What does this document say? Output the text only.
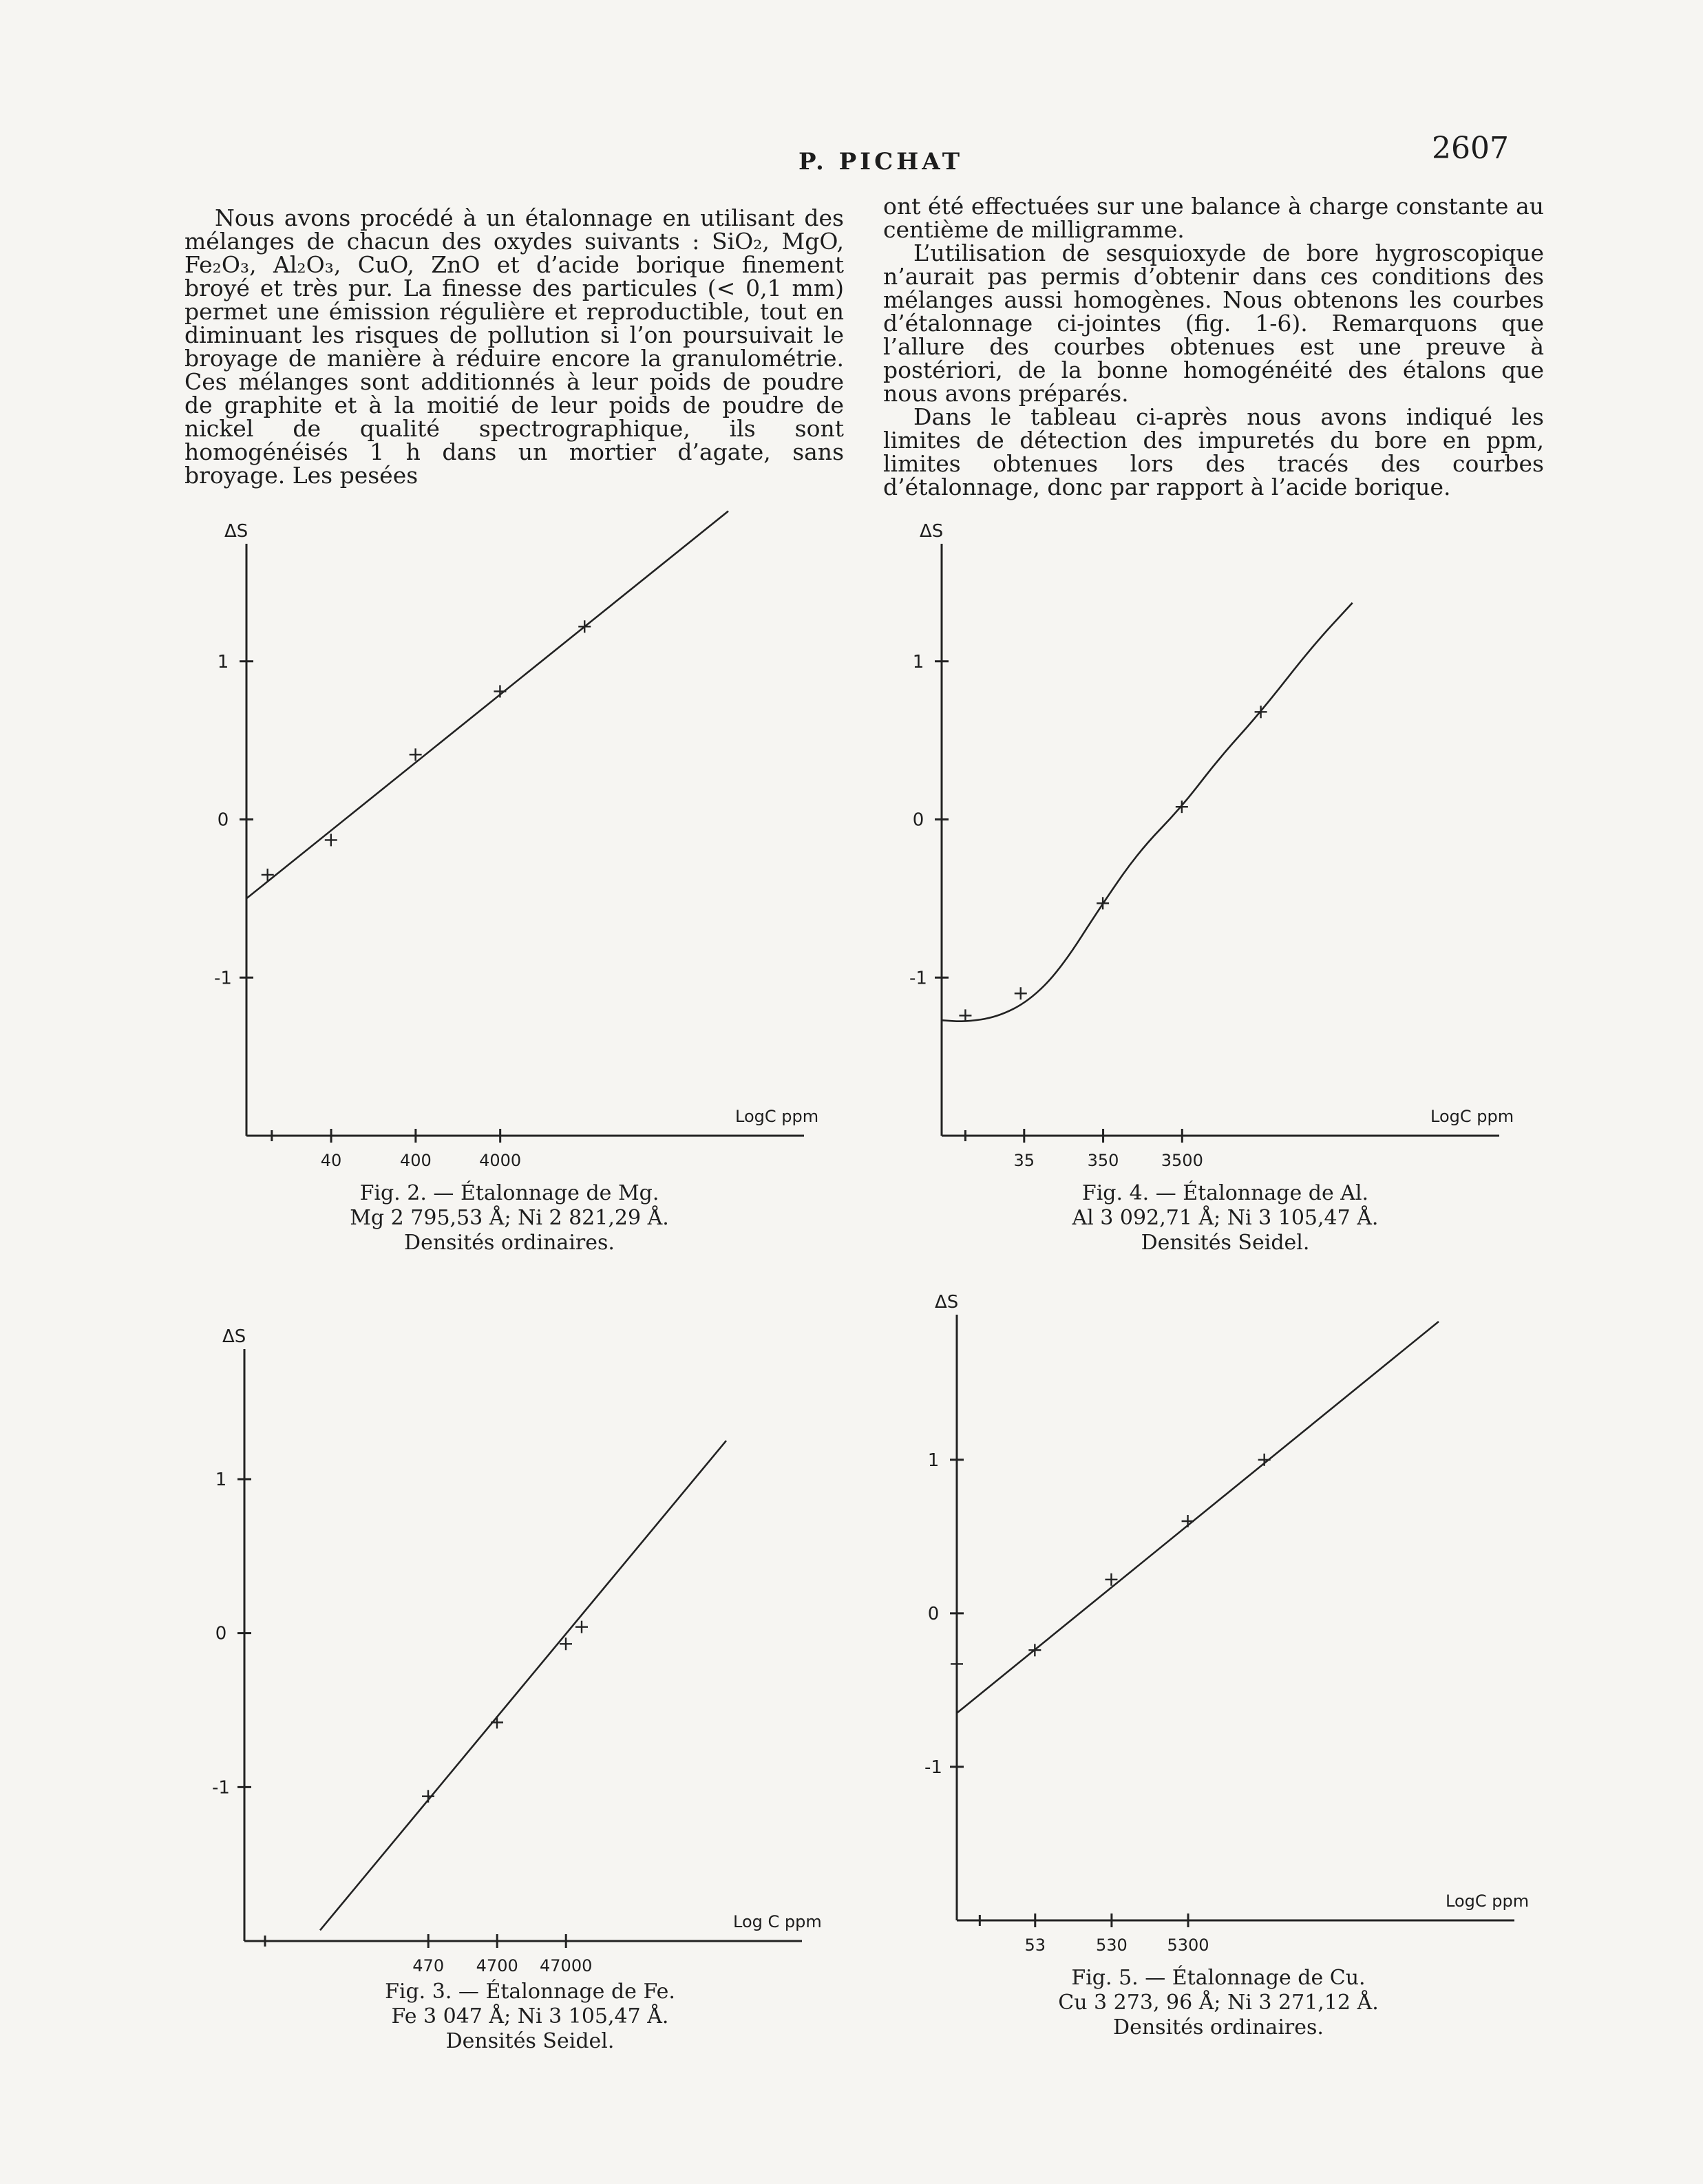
P. PICHAT	2607

Nous avons procédé à un étalonnage en utilisant des mélanges de chacun des oxydes suivants : SiO₂, MgO, Fe₂O₃, Al₂O₃, CuO, ZnO et d’acide borique finement broyé et très pur. La finesse des particules (< 0,1 mm) permet une émission régulière et reproductible, tout en diminuant les risques de pollution si l’on poursuivait le broyage de manière à réduire encore la granulométrie. Ces mélanges sont additionnés à leur poids de poudre de graphite et à la moitié de leur poids de poudre de nickel de qualité spectrographique, ils sont homogénéisés 1 h dans un mortier d’agate, sans broyage. Les pesées

ont été effectuées sur une balance à charge constante au centième de milligramme.

L’utilisation de sesquioxyde de bore hygroscopique n’aurait pas permis d’obtenir dans ces conditions des mélanges aussi homogènes. Nous obtenons les courbes d’étalonnage ci-jointes (fig. 1-6). Remarquons que l’allure des courbes obtenues est une preuve à postériori, de la bonne homogénéité des étalons que nous avons préparés.

Dans le tableau ci-après nous avons indiqué les limites de détection des impuretés du bore en ppm, limites obtenues lors des tracés des courbes d’étalonnage, donc par rapport à l’acide borique.

ΔS
LogC ppm
1
0
-1
40	400	4000
Fig. 2. — Étalonnage de Mg.
Mg 2 795,53 Å; Ni 2 821,29 Å.
Densités ordinaires.
ΔS
LogC ppm
1
0
-1
35	350	3500
Fig. 4. — Étalonnage de Al.
Al 3 092,71 Å; Ni 3 105,47 Å.
Densités Seidel.
ΔS
Log C ppm
1
0
-1
470 4700 47000
Fig. 3. — Étalonnage de Fe.
Fe 3 047 Å; Ni 3 105,47 Å.
Densités Seidel.
ΔS
LogC ppm
1
0
-1
53	530 5300
Fig. 5. — Étalonnage de Cu.
Cu 3 273, 96 Å; Ni 3 271,12 Å.
Densités ordinaires.
